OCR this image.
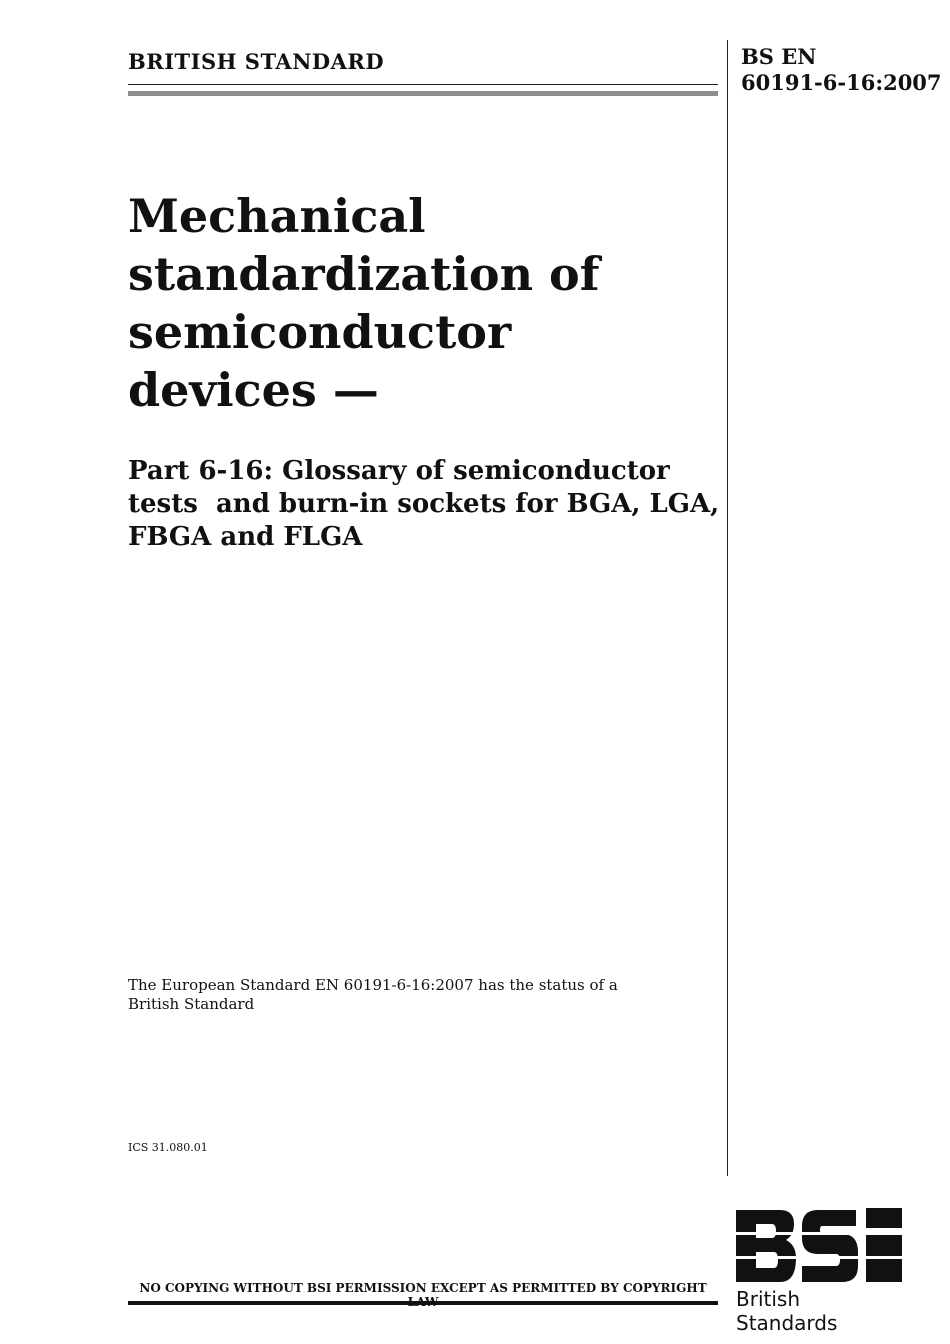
BRITISH STANDARD	BS EN
60191-6-16:2007
Mechanical
standardization of
semiconductor
devices —
Part 6-16: Glossary of semiconductor
tests  and burn-in sockets for BGA, LGA,
FBGA and FLGA
The European Standard EN 60191-6-16:2007 has the status of a
British Standard
ICS 31.080.01
NO COPYING WITHOUT BSI PERMISSION EXCEPT AS PERMITTED BY COPYRIGHT	British Standards
